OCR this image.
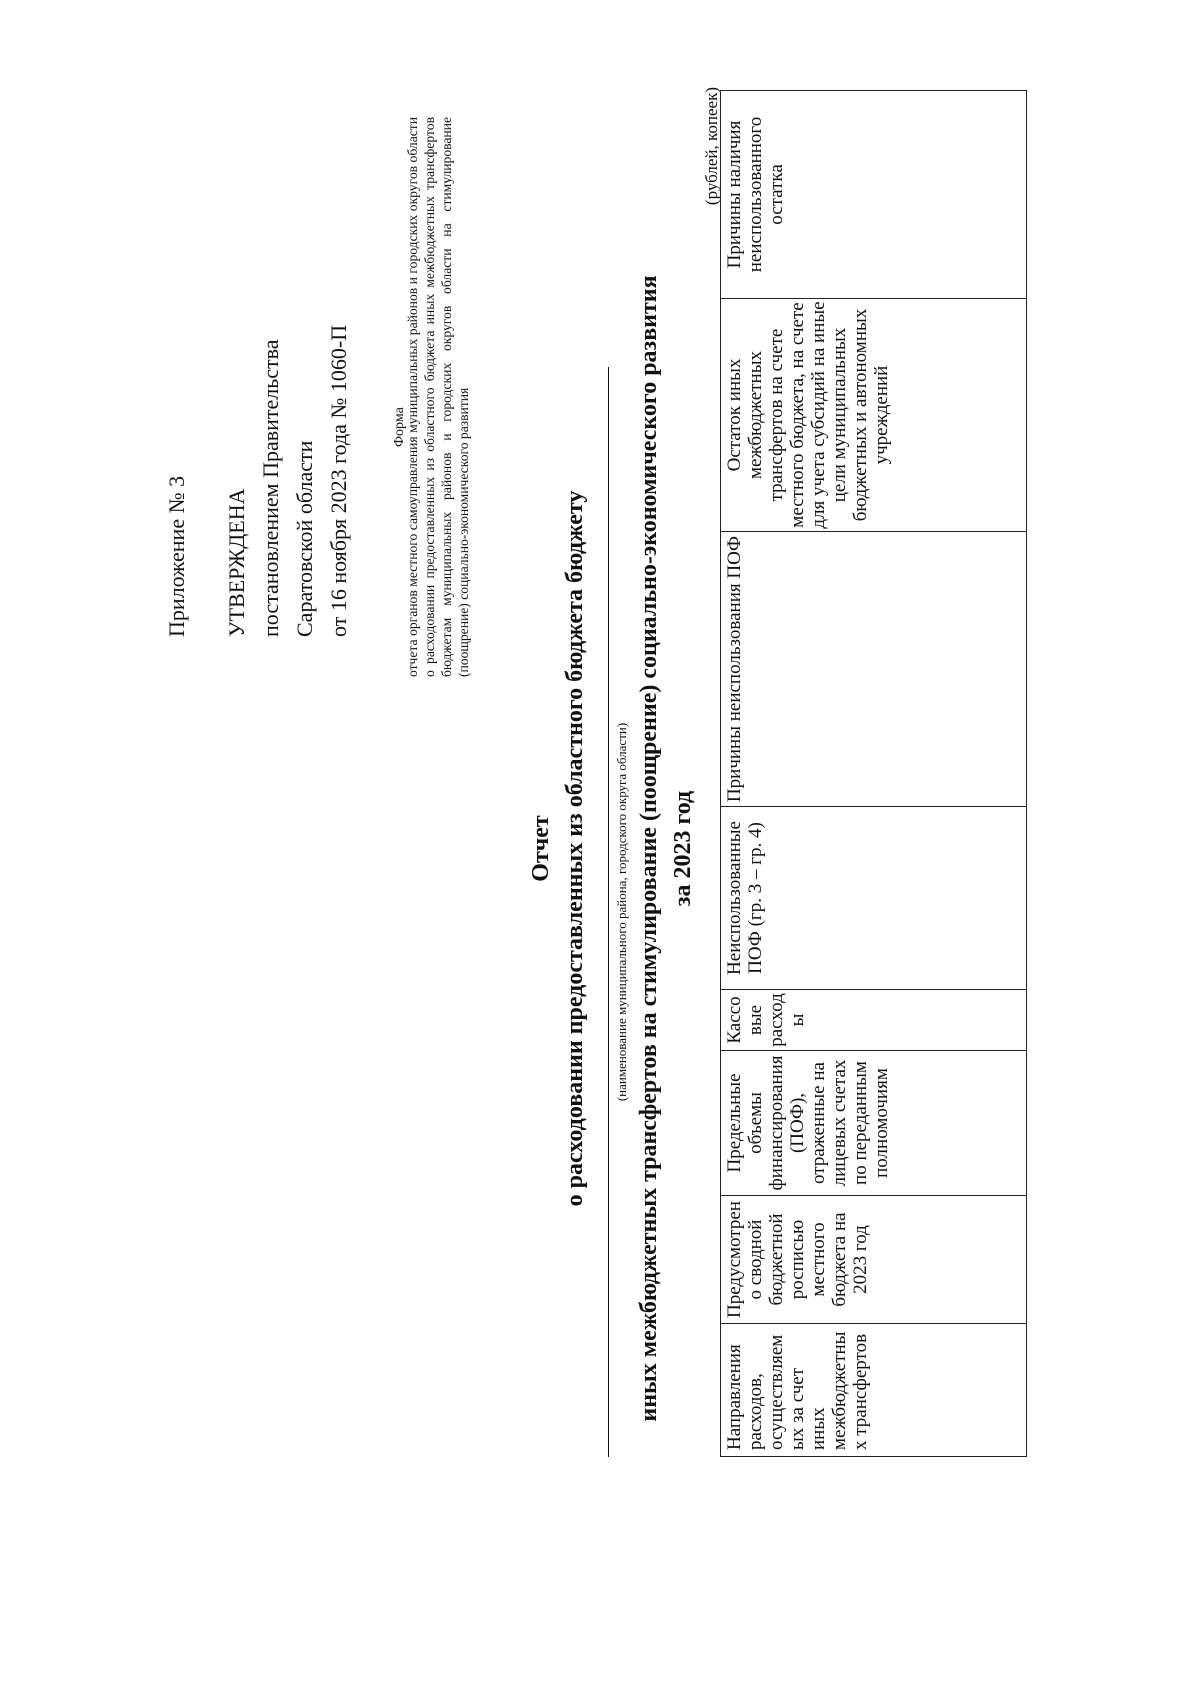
Приложение № 3 УТВЕРЖДЕНА постановлением Правительства Саратовской области от 16 ноября 2023 года № 1060-П	Форма
отчета органов местного самоуправления муниципальных районов и городских округов области о расходовании предоставленных из областного бюджета иных межбюджетных трансфертов бюджетам муниципальных районов и городских округов области на стимулирование (поощрение) социально-экономического развития
Отчет о расходовании предоставленных из областного бюджета бюджету (наименование муниципального района, городского округа области) иных межбюджетных трансфертов на стимулирование (поощрение) социально-экономического развития за 2023 год
(рублей, копеек)
Направления расходов, осуществляемых за счет иных межбюджетных трансфертов	Предусмотрено сводной бюджетной росписью местного бюджета на 2023 год	Предельные объемы финансирования (ПОФ), отраженные на лицевых счетах по переданным полномочиям	Кассовые расходы	Неиспользованные ПОФ (гр. 3 – гр. 4)	Причины неиспользования ПОФ	Остаток иных межбюджетных трансфертов на счете местного бюджета, на счете для учета субсидий на иные цели муниципальных бюджетных и автономных учреждений	Причины наличия неиспользованного остатка
